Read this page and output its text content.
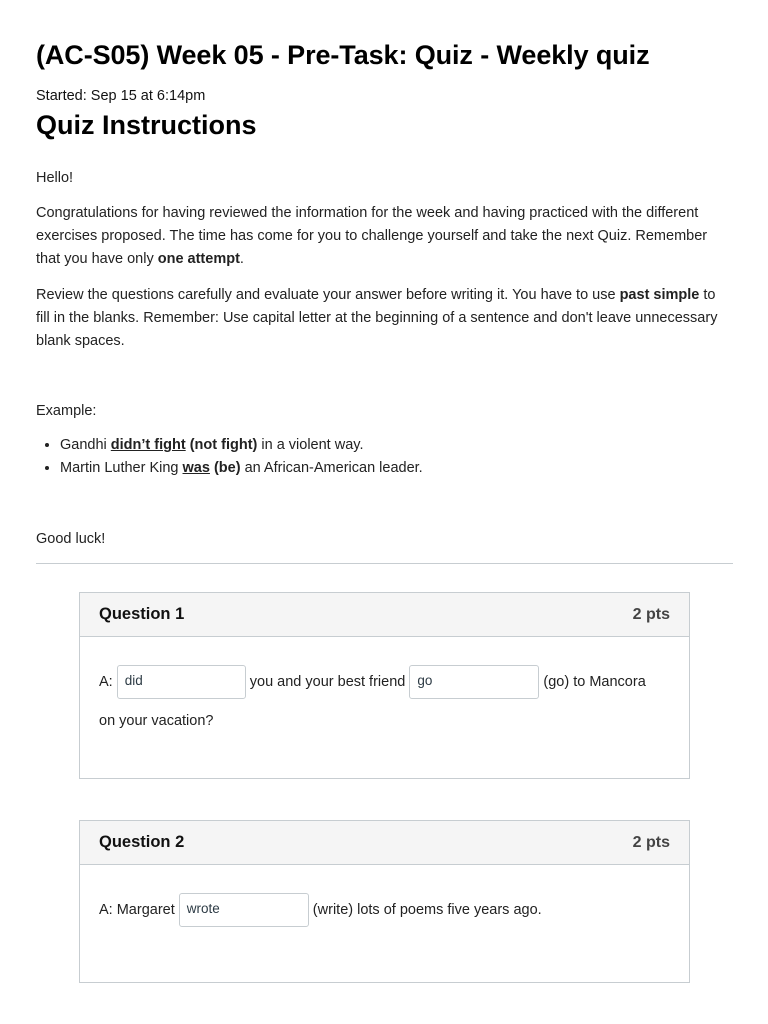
(AC-S05) Week 05 - Pre-Task: Quiz - Weekly quiz
Started: Sep 15 at 6:14pm
Quiz Instructions
Hello!
Congratulations for having reviewed the information for the week and having practiced with the different exercises proposed. The time has come for you to challenge yourself and take the next Quiz. Remember that you have only one attempt.
Review the questions carefully and evaluate your answer before writing it. You have to use past simple to fill in the blanks. Remember: Use capital letter at the beginning of a sentence and don't leave unnecessary blank spaces.
Example:
• Gandhi didn’t fight (not fight) in a violent way.
• Martin Luther King was (be) an African-American leader.
Good luck!
Question 1	2 pts
A: did	you and your best friend go	(go) to Mancora
on your vacation?
Question 2	2 pts
A: Margaret wrote	(write) lots of poems five years ago.
